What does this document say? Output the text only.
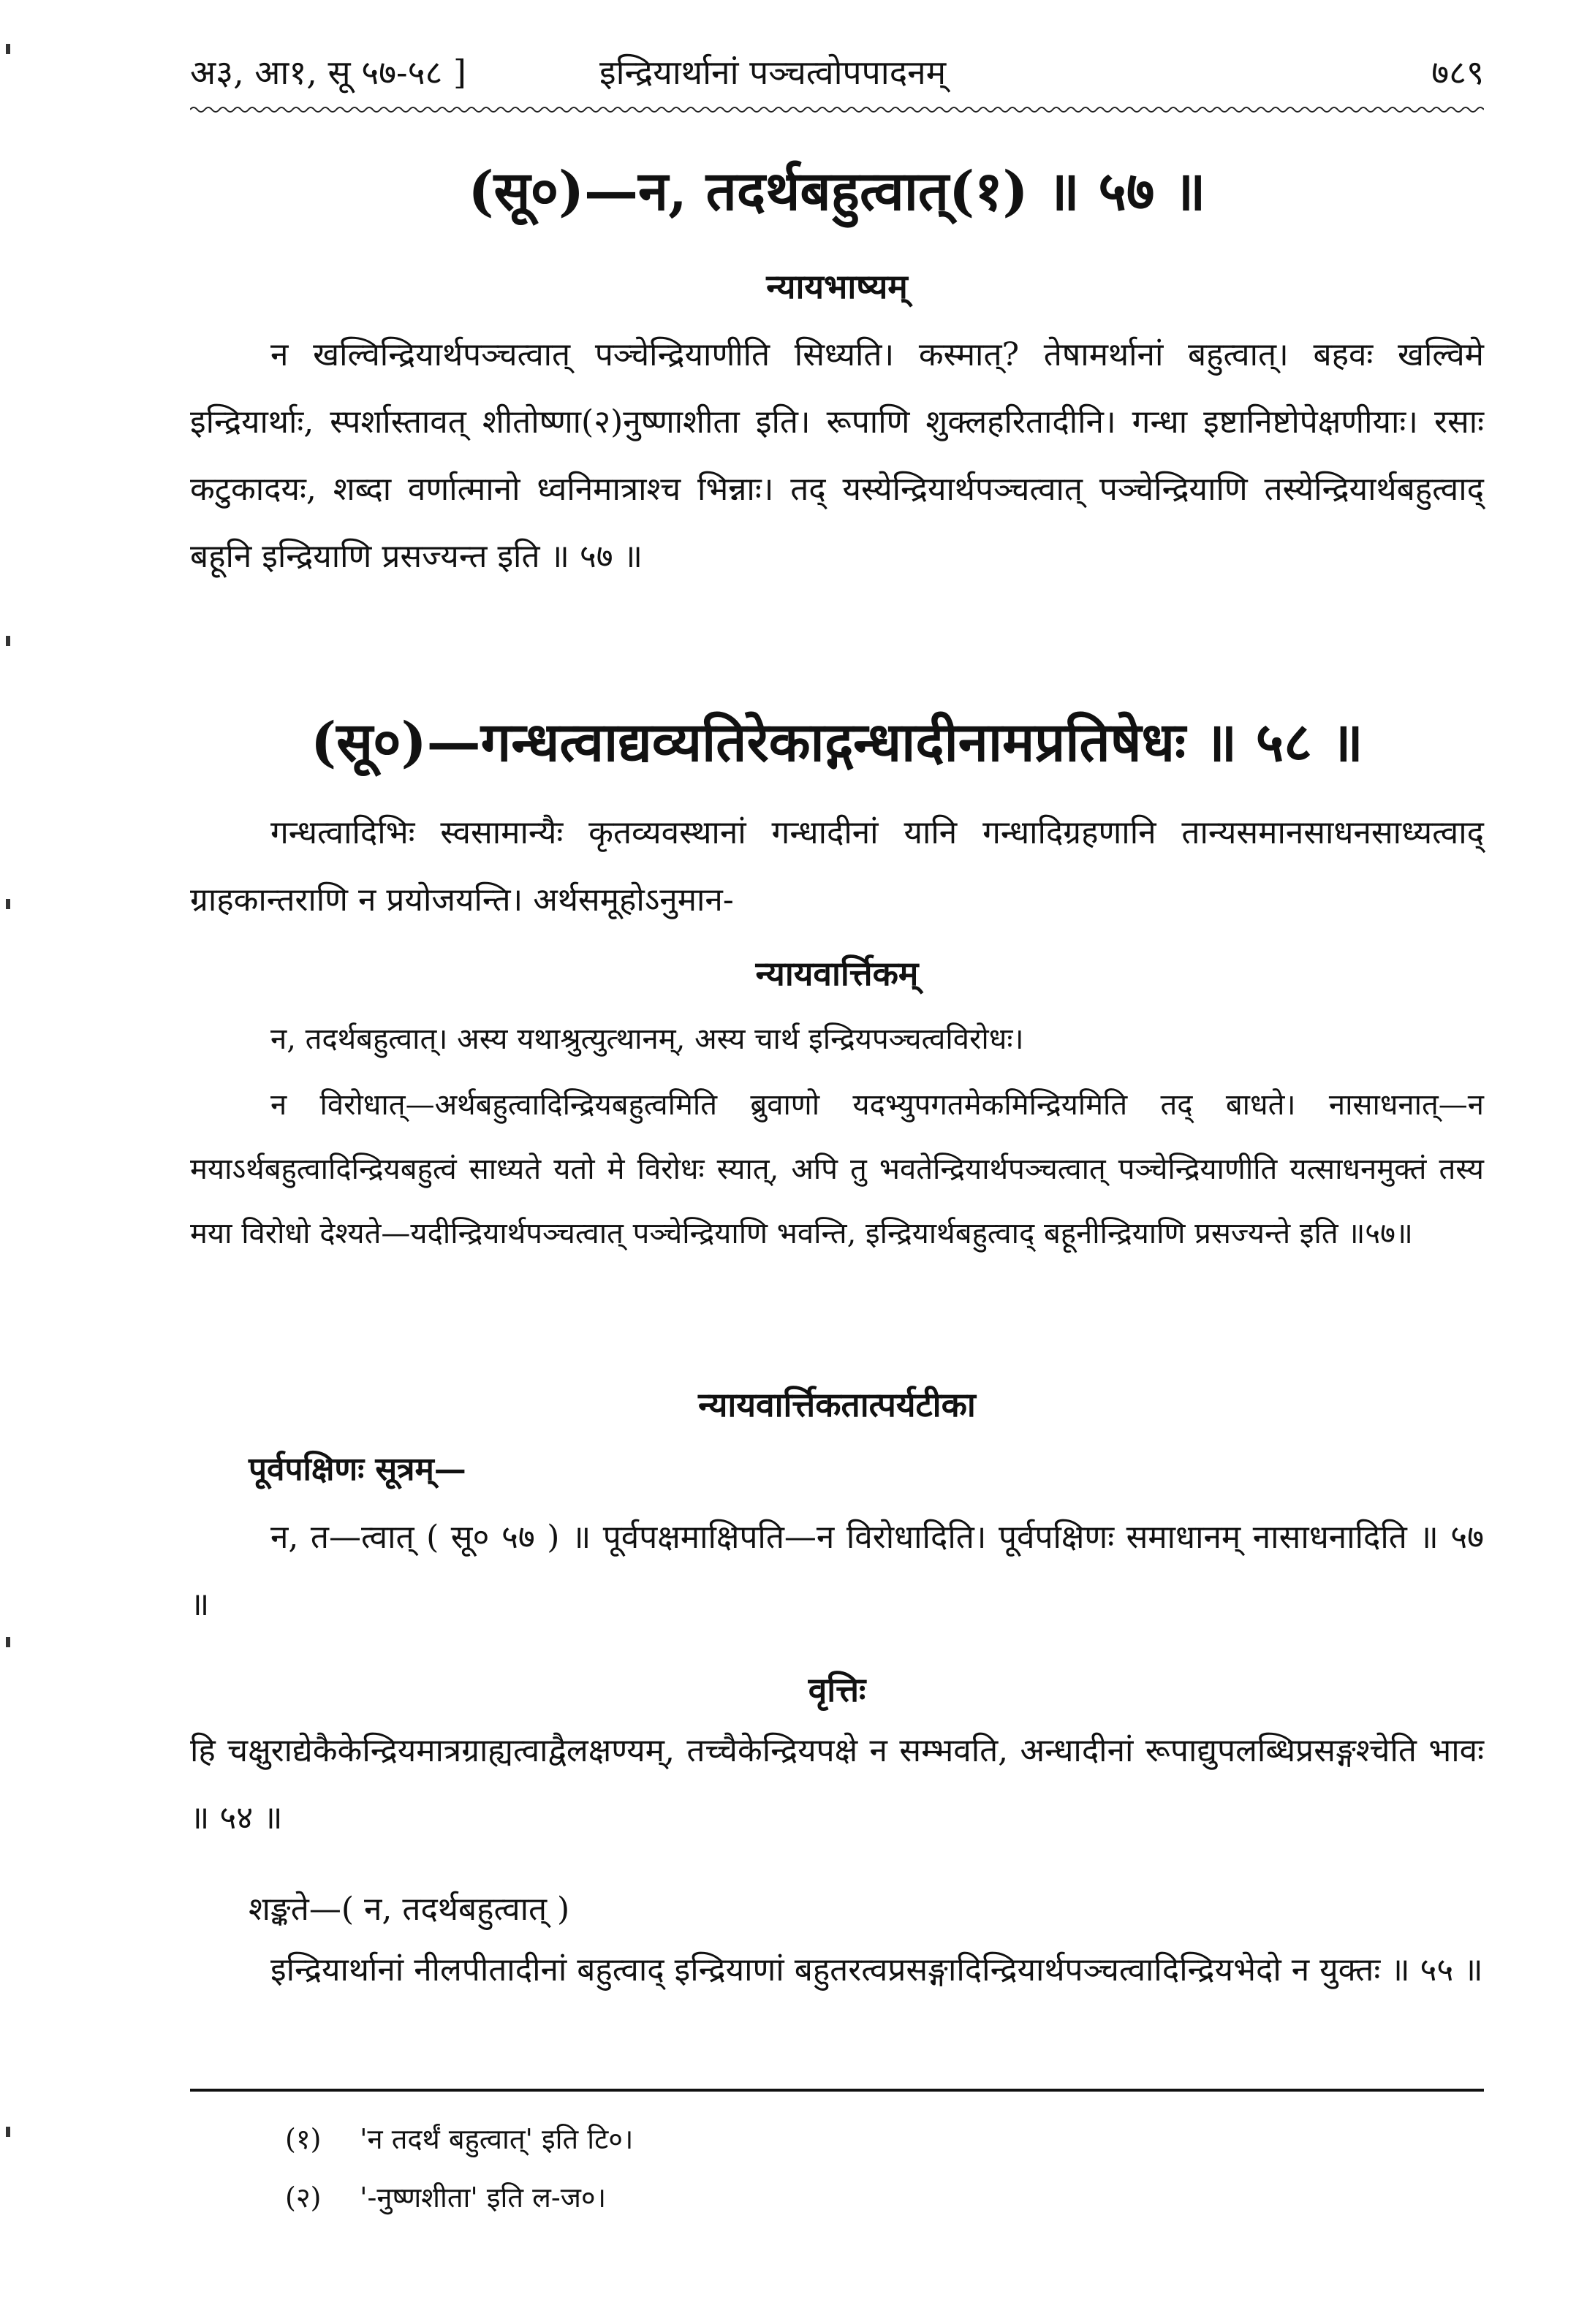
अ३, आ१, सू ५७-५८ ]	इन्द्रियार्थानां पञ्चत्वोपपादनम्	७८९
(सू०)—न, तदर्थबहुत्वात्(१) ॥ ५७ ॥
न्यायभाष्यम्
न खल्विन्द्रियार्थपञ्चत्वात् पञ्चेन्द्रियाणीति सिध्यति। कस्मात्? तेषामर्थानां बहुत्वात्। बहवः खल्विमे इन्द्रियार्थाः, स्पर्शास्तावत् शीतोष्णा(२)नुष्णाशीता इति। रूपाणि शुक्लहरितादीनि। गन्धा इष्टानिष्टोपेक्षणीयाः। रसाः कटुकादयः, शब्दा वर्णात्मानो ध्वनिमात्राश्च भिन्नाः। तद् यस्येन्द्रियार्थपञ्चत्वात् पञ्चेन्द्रियाणि तस्येन्द्रियार्थबहुत्वाद् बहूनि इन्द्रियाणि प्रसज्यन्त इति ॥ ५७ ॥
(सू०)—गन्धत्वाद्यव्यतिरेकाद्गन्धादीनामप्रतिषेधः ॥ ५८ ॥
गन्धत्वादिभिः स्वसामान्यैः कृतव्यवस्थानां गन्धादीनां यानि गन्धादिग्रहणानि तान्यसमानसाधनसाध्यत्वाद् ग्राहकान्तराणि न प्रयोजयन्ति। अर्थसमूहोऽनुमान-
न्यायवार्त्तिकम्
न, तदर्थबहुत्वात्। अस्य यथाश्रुत्युत्थानम्, अस्य चार्थ इन्द्रियपञ्चत्वविरोधः।
न विरोधात्—अर्थबहुत्वादिन्द्रियबहुत्वमिति ब्रुवाणो यदभ्युपगतमेकमिन्द्रियमिति तद् बाधते। नासाधनात्—न मयाऽर्थबहुत्वादिन्द्रियबहुत्वं साध्यते यतो मे विरोधः स्यात्, अपि तु भवतेन्द्रियार्थपञ्चत्वात् पञ्चेन्द्रियाणीति यत्साधनमुक्तं तस्य मया विरोधो देश्यते—यदीन्द्रियार्थपञ्चत्वात् पञ्चेन्द्रियाणि भवन्ति, इन्द्रियार्थबहुत्वाद् बहूनीन्द्रियाणि प्रसज्यन्ते इति ॥५७॥
न्यायवार्त्तिकतात्पर्यटीका
पूर्वपक्षिणः सूत्रम्—
न, त—त्वात् ( सू० ५७ ) ॥ पूर्वपक्षमाक्षिपति—न विरोधादिति। पूर्वपक्षिणः समाधानम् नासाधनादिति ॥ ५७ ॥
वृत्तिः
हि चक्षुराद्येकैकेन्द्रियमात्रग्राह्यत्वाद्वैलक्षण्यम्, तच्चैकेन्द्रियपक्षे न सम्भवति, अन्धादीनां रूपाद्युपलब्धिप्रसङ्गश्चेति भावः ॥ ५४ ॥
शङ्कते—( न, तदर्थबहुत्वात् )
इन्द्रियार्थानां नीलपीतादीनां बहुत्वाद् इन्द्रियाणां बहुतरत्वप्रसङ्गादिन्द्रियार्थपञ्चत्वादिन्द्रियभेदो न युक्तः ॥ ५५ ॥
(१) 'न तदर्थं बहुत्वात्' इति टि०।
(२) '-नुष्णशीता' इति ल-ज०।
